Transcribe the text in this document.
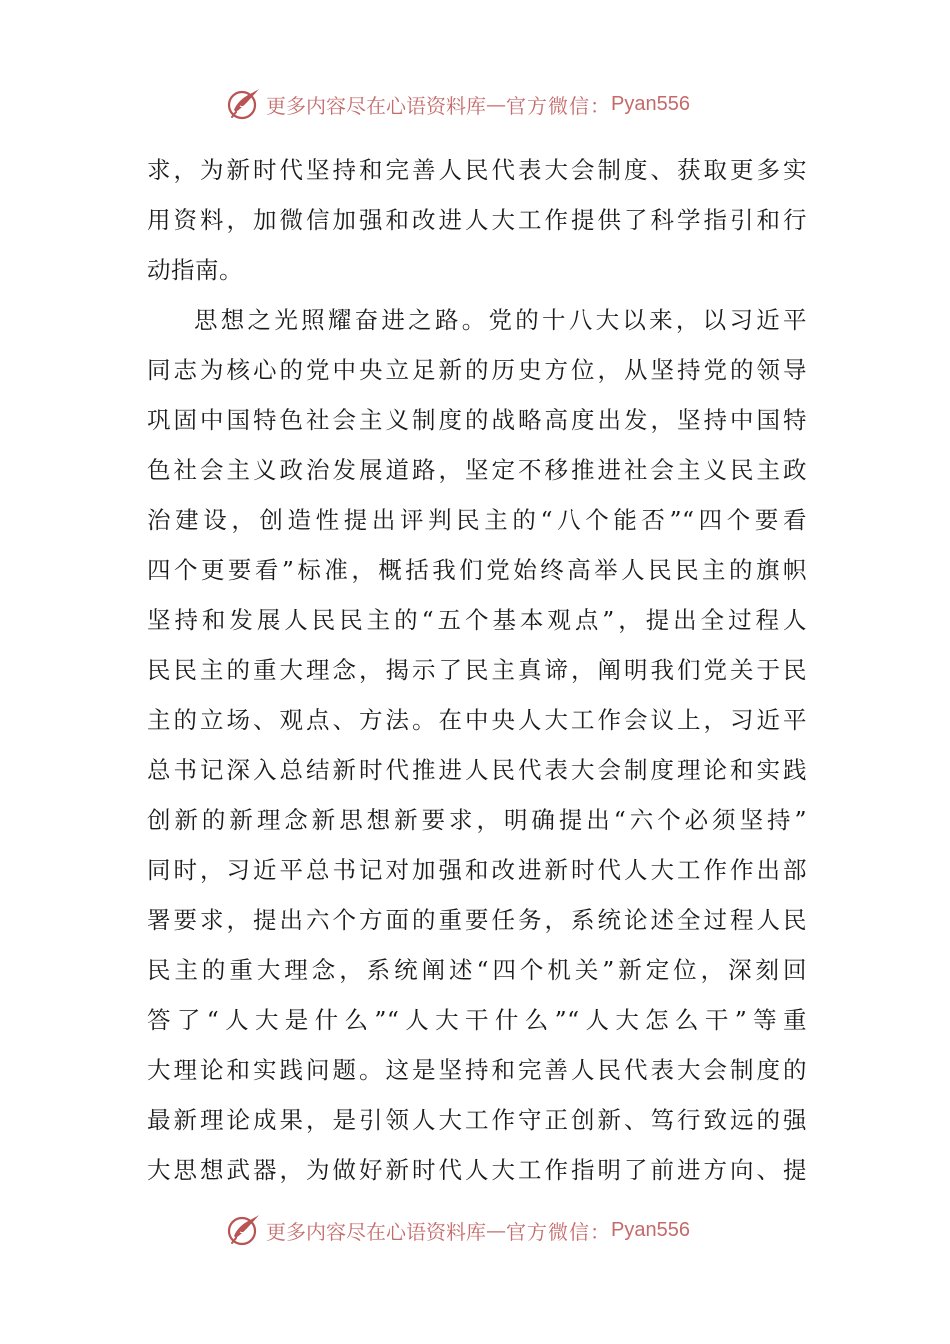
更多内容尽在心语资料库 — 官方微信： Pyan556
求，为新时代坚持和完善人民代表大会制度、获取更多实
用资料，加微信加强和改进人大工作提供了科学指引和行
动指南。
思想之光照耀奋进之路。党的十八大以来，以习近平
同志为核心的党中央立足新的历史方位，从坚持党的领导
巩固中国特色社会主义制度的战略高度出发，坚持中国特
色社会主义政治发展道路，坚定不移推进社会主义民主政
治建设，创造性提出评判民主的“八个能否”“四个要看
四个更要看”标准，概括我们党始终高举人民民主的旗帜
坚持和发展人民民主的“五个基本观点”，提出全过程人
民民主的重大理念，揭示了民主真谛，阐明我们党关于民
主的立场、观点、方法。在中央人大工作会议上，习近平
总书记深入总结新时代推进人民代表大会制度理论和实践
创新的新理念新思想新要求，明确提出“六个必须坚持”
同时，习近平总书记对加强和改进新时代人大工作作出部
署要求，提出六个方面的重要任务，系统论述全过程人民
民主的重大理念，系统阐述“四个机关”新定位，深刻回
答了“人大是什么”“人大干什么”“人大怎么干”等重
大理论和实践问题。这是坚持和完善人民代表大会制度的
最新理论成果，是引领人大工作守正创新、笃行致远的强
大思想武器，为做好新时代人大工作指明了前进方向、提
更多内容尽在心语资料库 — 官方微信： Pyan556
